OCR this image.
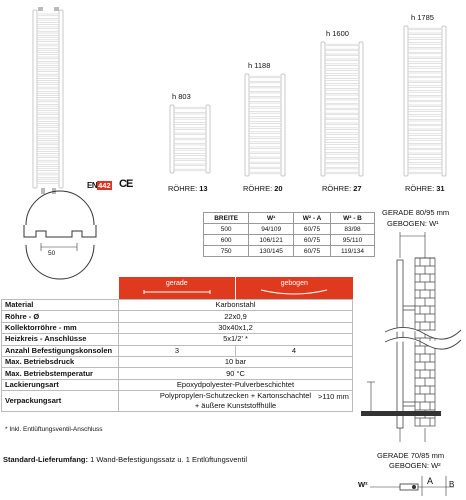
h 803
RÖHRE: 13
h 1188
RÖHRE: 20
h 1600
RÖHRE: 27
h 1785
RÖHRE: 31
EN 442 CE
50
BREITE	W¹	W² - A	W² - B
500	94/109	60/75	83/98
600	106/121	60/75	95/110
750	130/145	60/75	119/134

	gerade	gebogen

Material	Karbonstahl	
Röhre - Ø	22x0,9	
Kollektorröhre - mm	30x40x1,2	
Heizkreis - Anschlüsse	5x1/2' *	
Anzahl Befestigungskonsolen	3	4
Max. Betriebsdruck	10 bar	
Max. Betriebstemperatur	90 °C	
Lackierungsart	Epoxydpolyester-Pulverbeschichtet	
Verpackungsart	Polypropylen-Schutzecken + Kartonschachtel
+ äußere Kunststoffhülle	
* Inkl. Entlüftungsventil-Anschluss
Standard-Lieferumfang: 1 Wand-Befestigungssatz u. 1 Entlüftungsventil
GERADE 80/95 mm
GEBOGEN: W¹
>110 mm
GERADE 70/85 mm
GEBOGEN: W²
W²	A B
